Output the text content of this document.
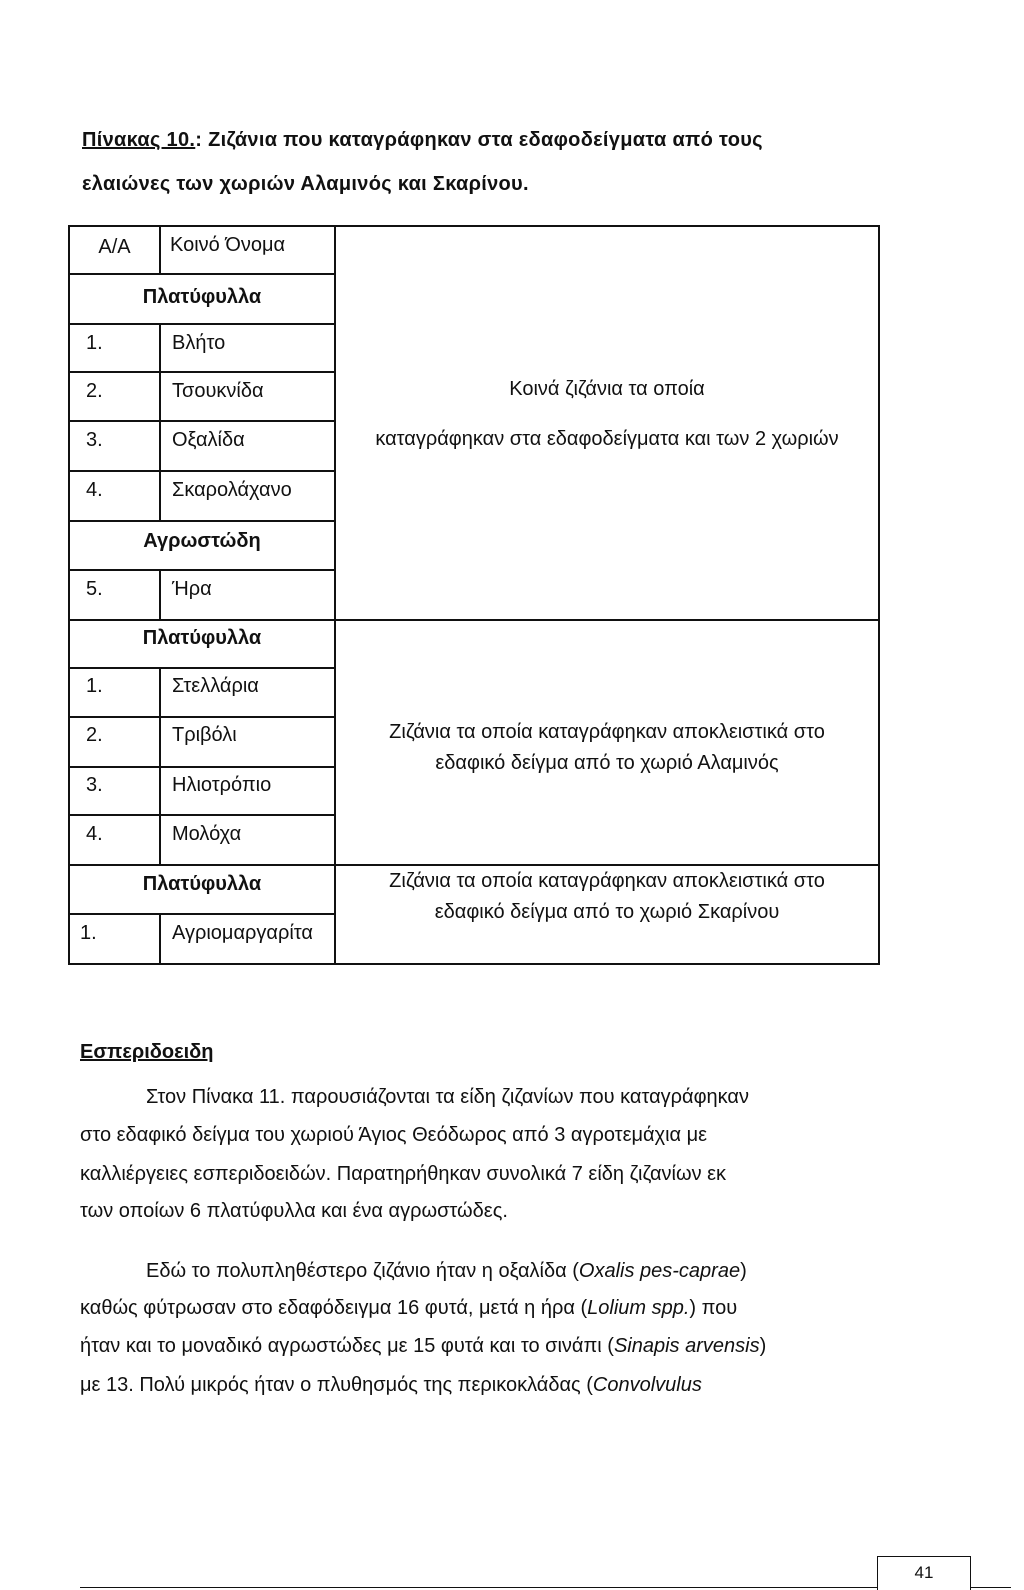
Πίνακας 10.: Ζιζάνια που καταγράφηκαν στα εδαφοδείγματα από τους
ελαιώνες των χωριών Αλαμινός και Σκαρίνου.
Α/Α	Κοινό Όνομα
Πλατύφυλλα
1.	Βλήτο
2.	Τσουκνίδα
3.	Οξαλίδα
4.	Σκαρολάχανο
Αγρωστώδη
5.	Ήρα
Κοινά ζιζάνια τα οποία
καταγράφηκαν στα εδαφοδείγματα και των 2 χωριών
Πλατύφυλλα
1.	Στελλάρια
2.	Τριβόλι
3.	Ηλιοτρόπιο
4.	Μολόχα
Ζιζάνια τα οποία καταγράφηκαν αποκλειστικά στο
εδαφικό δείγμα από το χωριό Αλαμινός
Πλατύφυλλα
1.	Αγριομαργαρίτα
Ζιζάνια τα οποία καταγράφηκαν αποκλειστικά στο
εδαφικό δείγμα από το χωριό Σκαρίνου
Εσπεριδοειδη
Στον Πίνακα 11. παρουσιάζονται τα είδη ζιζανίων που καταγράφηκαν
στο εδαφικό δείγμα του χωριού Άγιος Θεόδωρος από 3 αγροτεμάχια με
καλλιέργειες εσπεριδοειδών. Παρατηρήθηκαν συνολικά 7 είδη ζιζανίων εκ
των οποίων 6 πλατύφυλλα και ένα αγρωστώδες.
Εδώ το πολυπληθέστερο ζιζάνιο ήταν η οξαλίδα (Oxalis pes-caprae)
καθώς φύτρωσαν στο εδαφόδειγμα 16 φυτά, μετά η ήρα (Lolium spp.) που
ήταν και το μοναδικό αγρωστώδες με 15 φυτά και το σινάπι (Sinapis arvensis)
με 13. Πολύ μικρός ήταν ο πλυθησμός της περικοκλάδας (Convolvulus
41
